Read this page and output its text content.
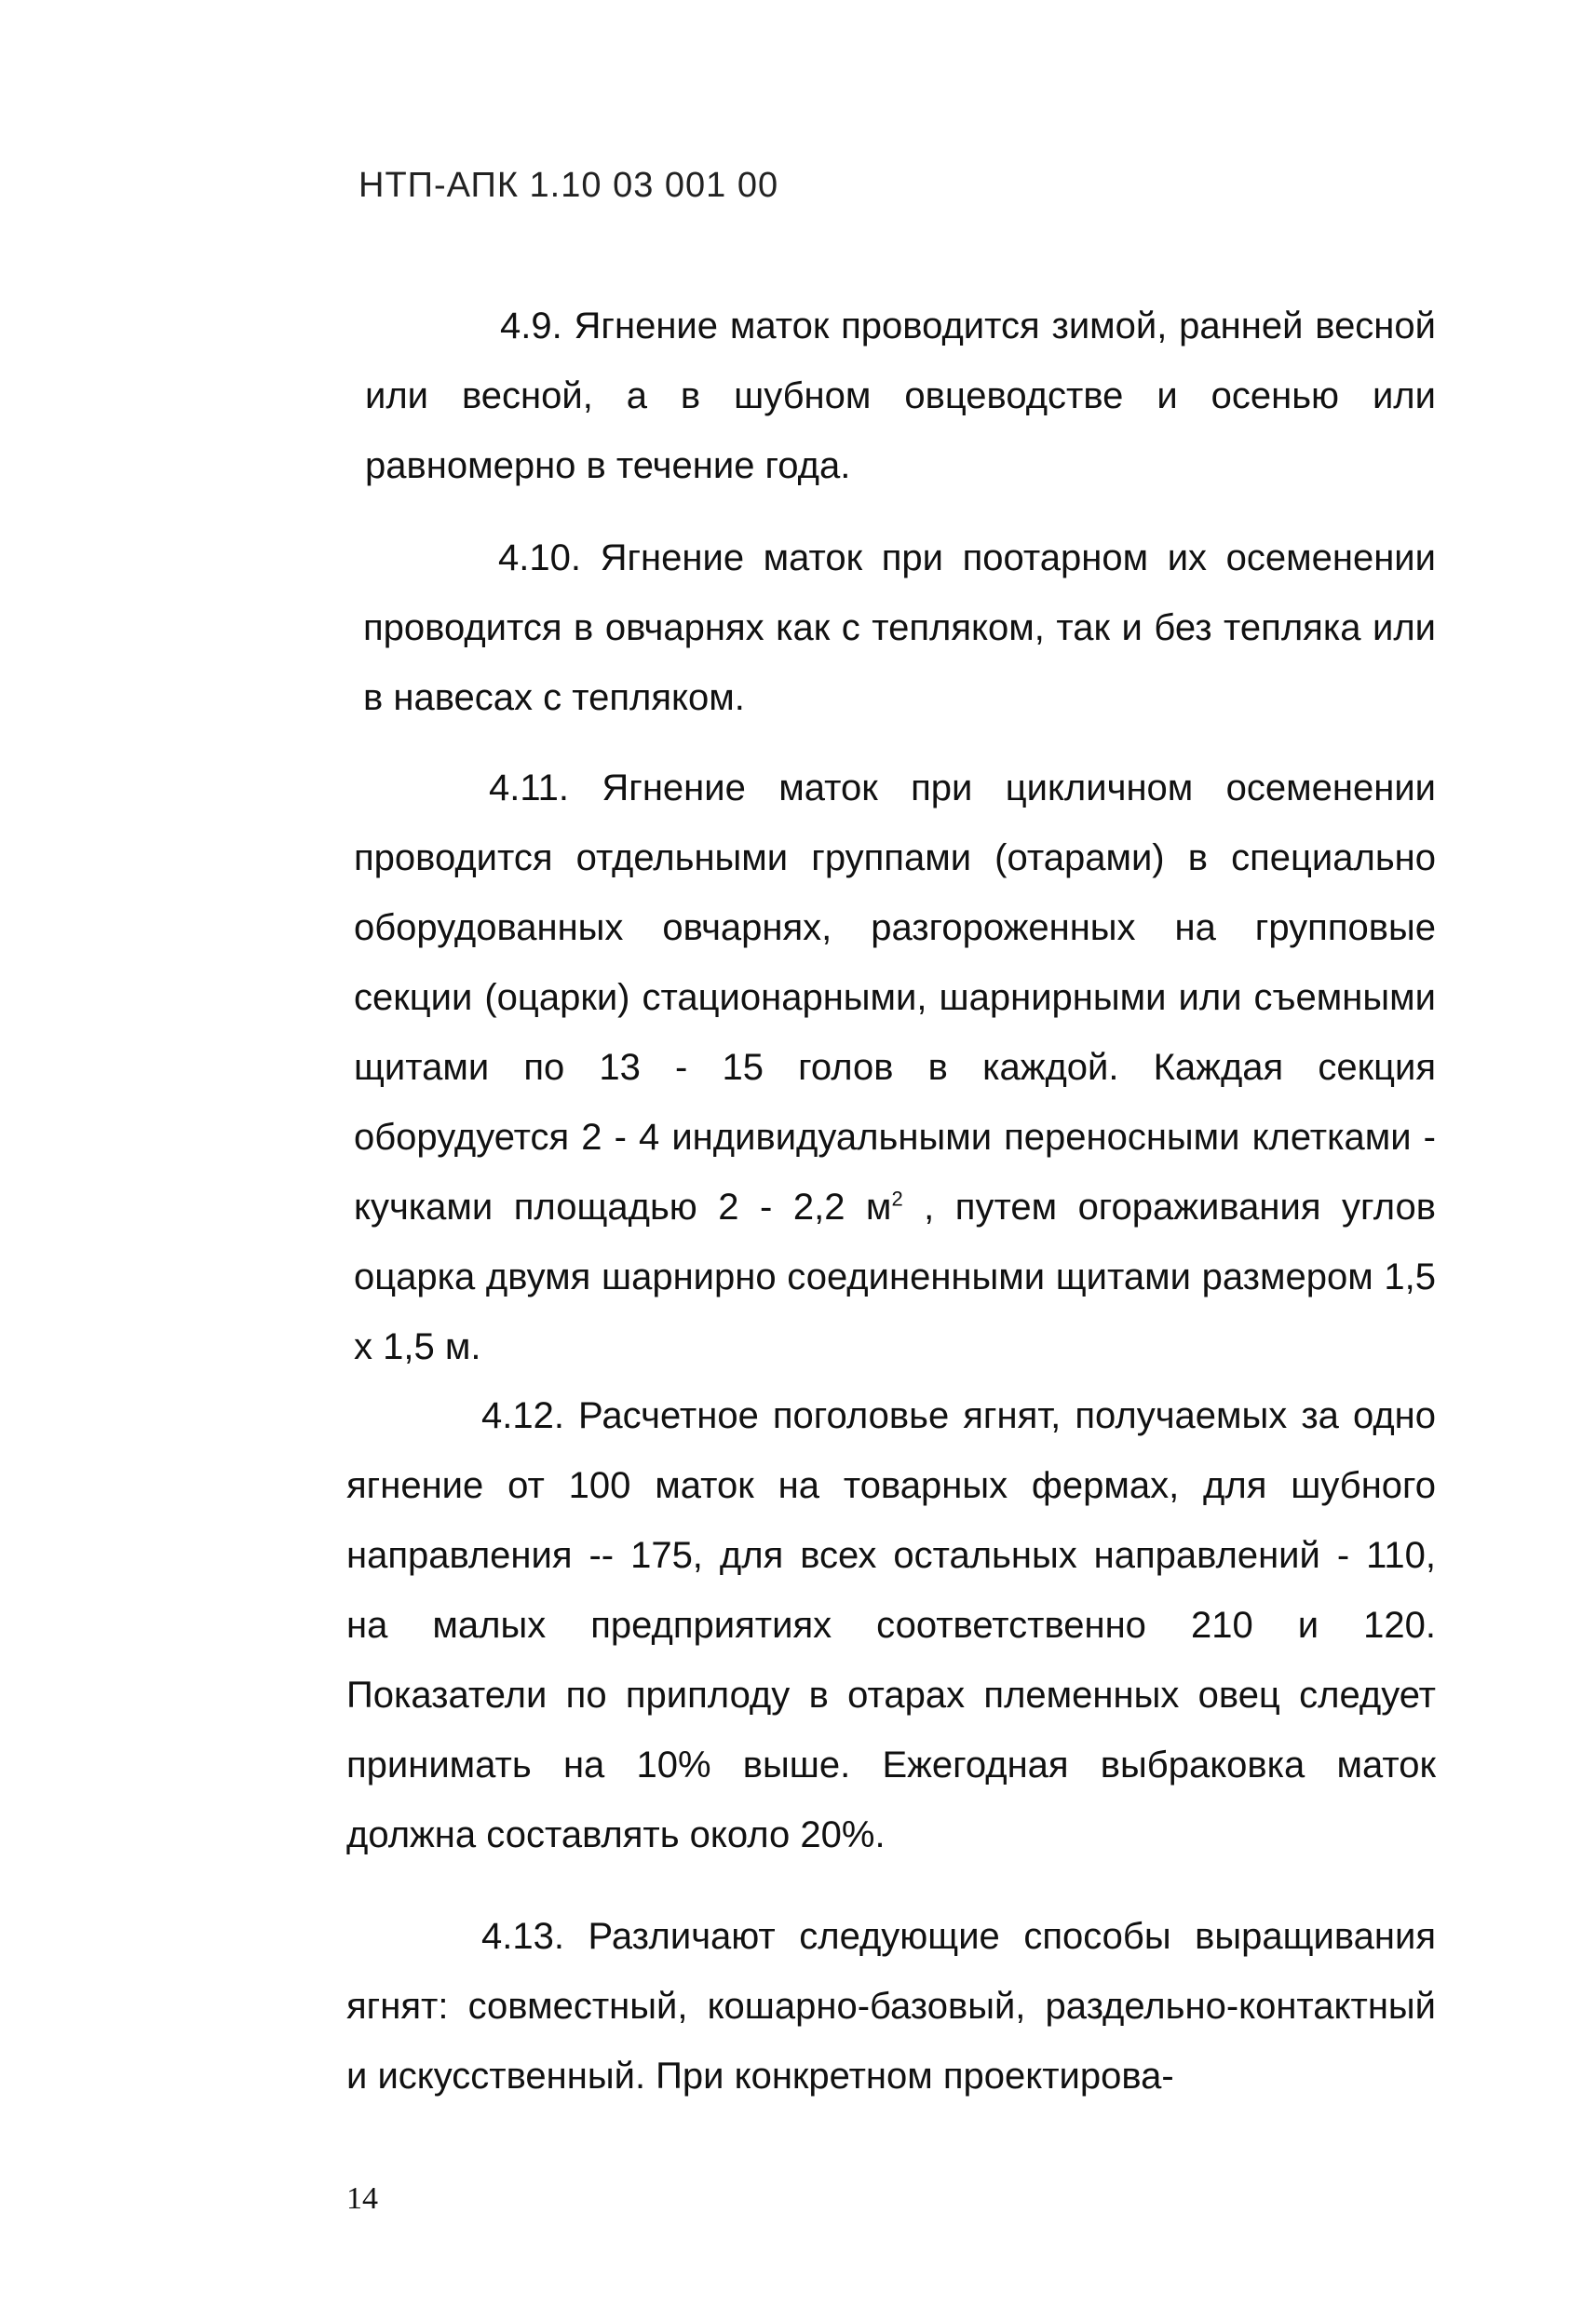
НТП-АПК 1.10 03 001 00

4.9. Ягнение маток проводится зимой, ранней весной или весной, а в шубном овцеводстве и осенью или равномерно в течение года.

4.10. Ягнение маток при поотарном их осеменении проводится в овчарнях как с тепляком, так и без тепляка или в навесах с тепляком.

4.11. Ягнение маток при цикличном осеменении проводится отдельными группами (отарами) в специально оборудованных овчарнях, разгороженных на групповые секции (оцарки) стационарными, шарнирными или съемными щитами по 13 - 15 голов в каждой. Каждая секция оборудуется 2 - 4 индивидуальными переносными клетками - кучками площадью 2 - 2,2 $м^2$ , путем огораживания углов оцарка двумя шарнирно соединенными щитами размером 1,5 х 1,5 м.

4.12. Расчетное поголовье ягнят, получаемых за одно ягнение от 100 маток на товарных фермах, для шубного направления -- 175, для всех остальных направлений - 110, на малых предприятиях соответственно 210 и 120. Показатели по приплоду в отарах племенных овец следует принимать на 10% выше. Ежегодная выбраковка маток должна составлять около 20%.

4.13. Различают следующие способы выращивания ягнят: совместный, кошарно-базовый, раздельно-контактный и искусственный. При конкретном проектирова-

14
